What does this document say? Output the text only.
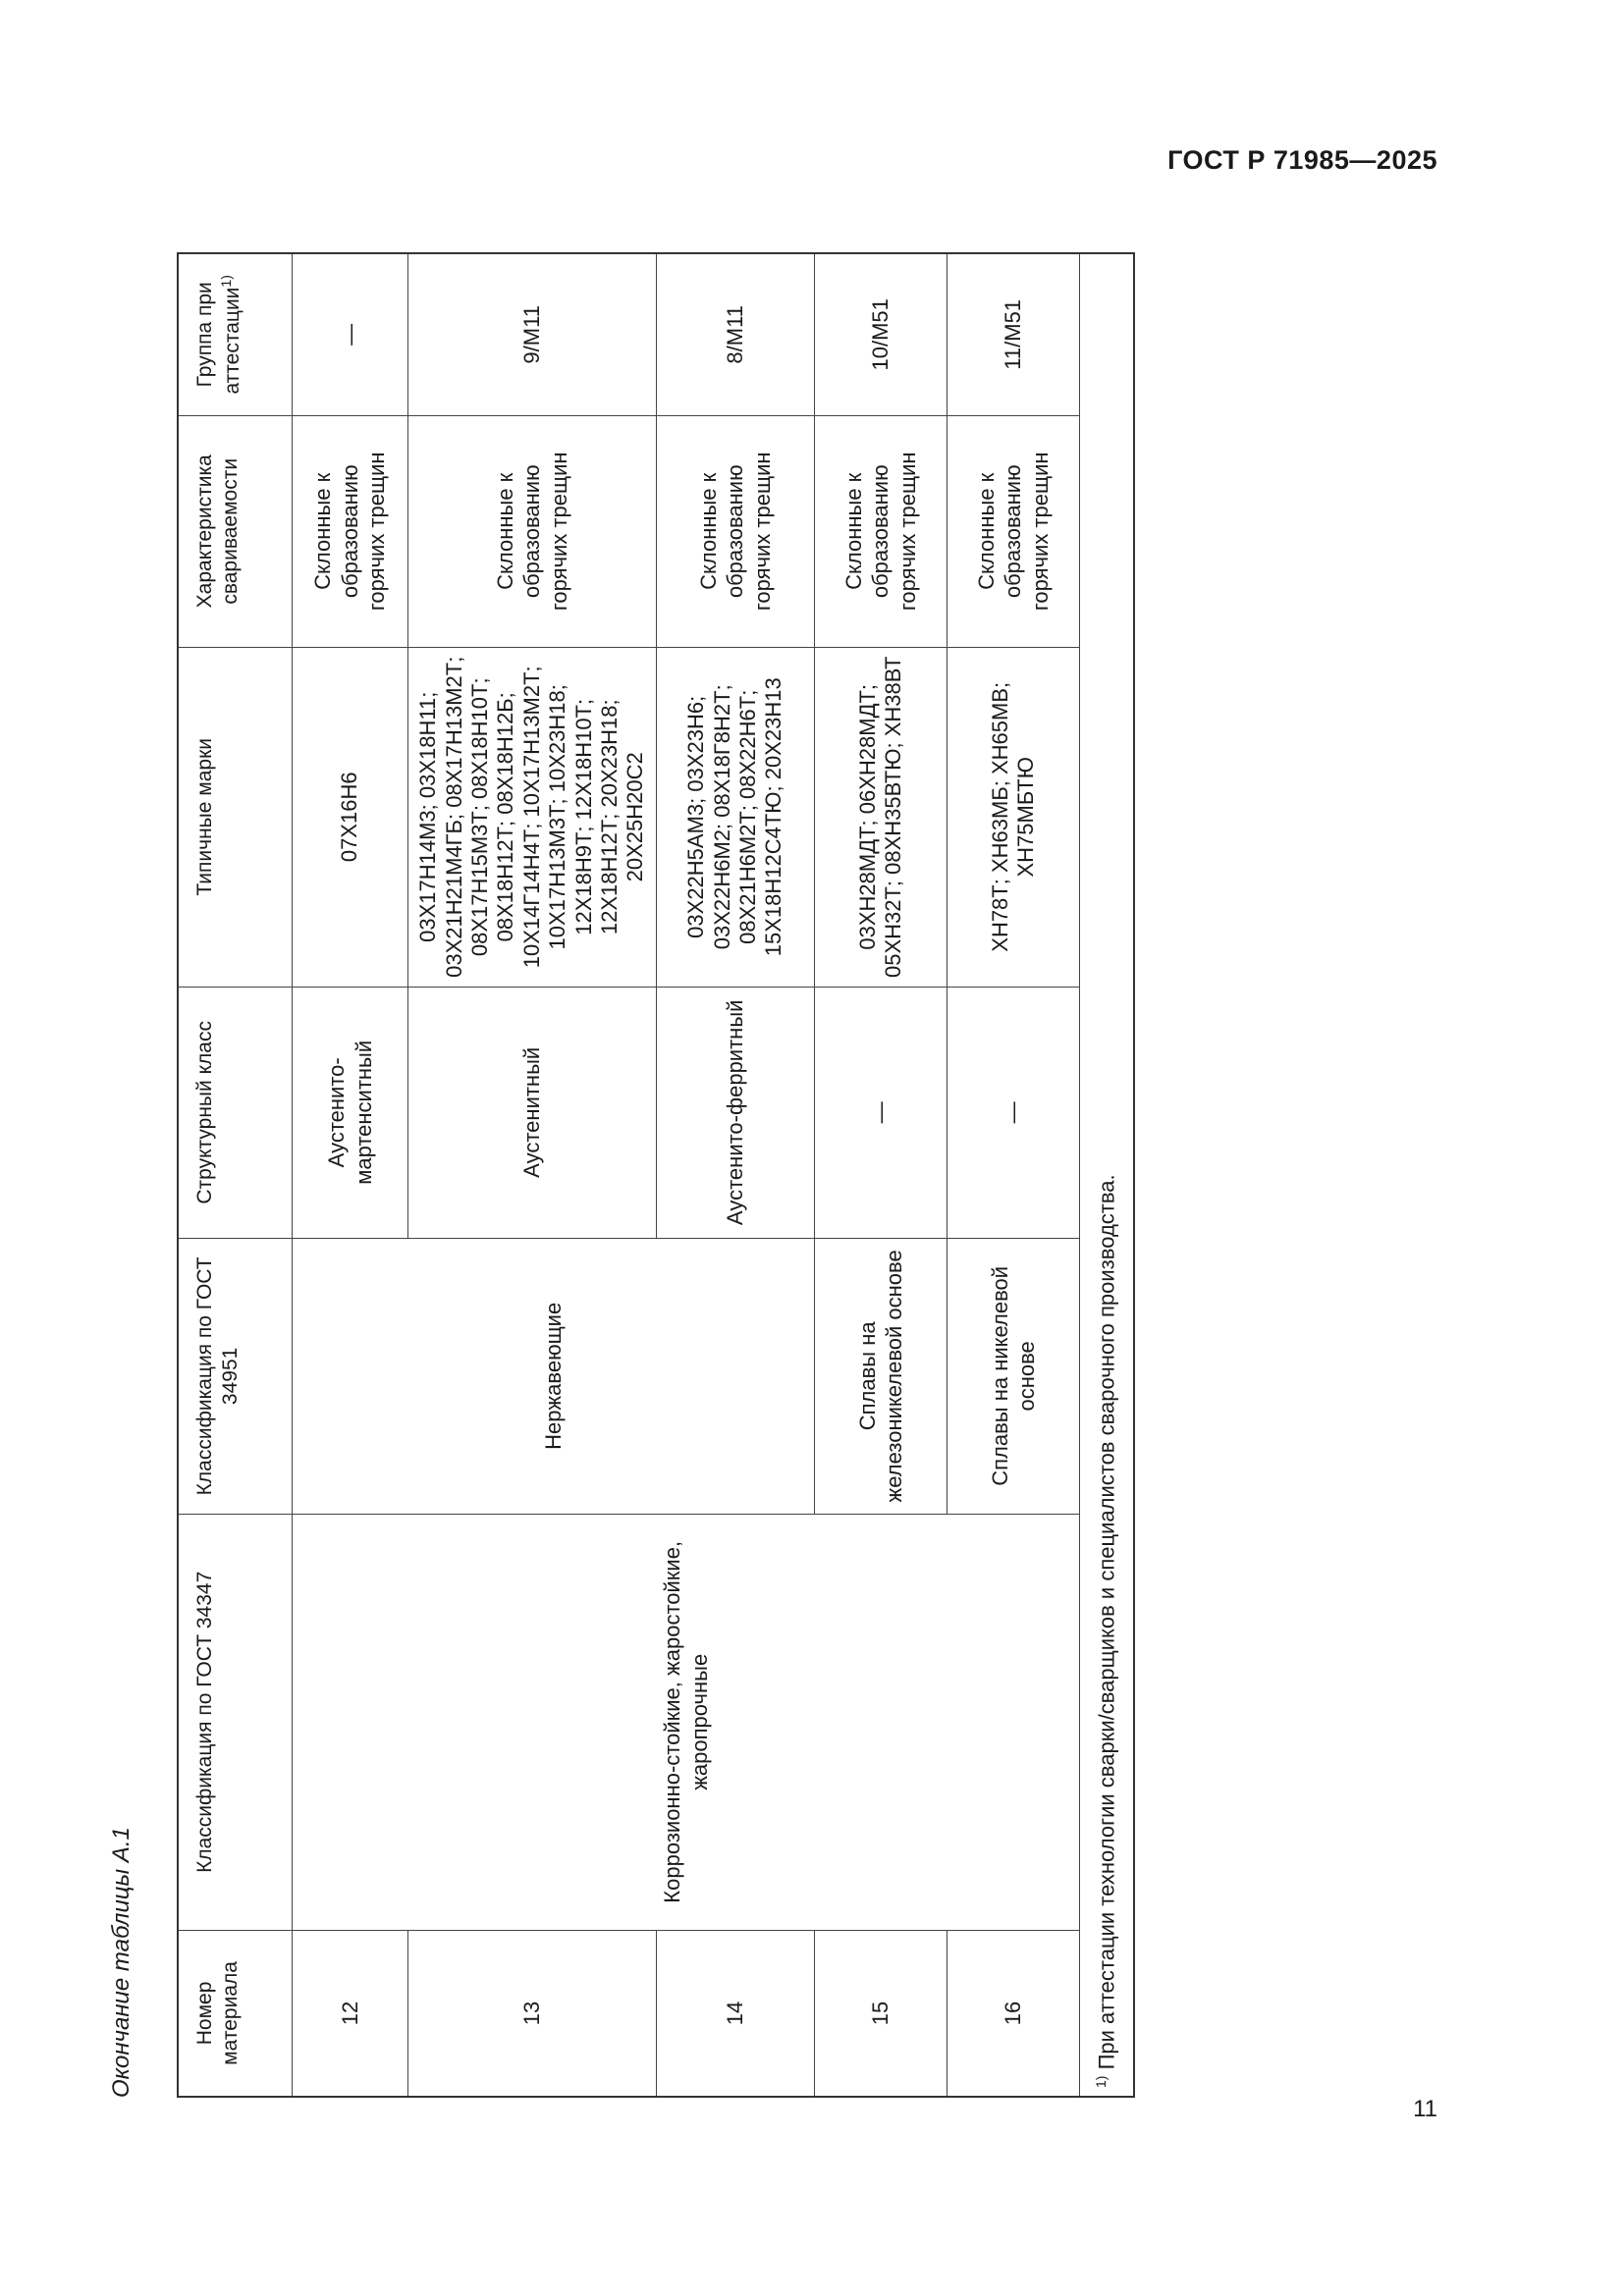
ГОСТ Р 71985—2025
Окончание таблицы А.1	Номер материала	Классификация по ГОСТ 34347	Классификация по ГОСТ 34951	Структурный класс	Типичные марки	Характеристика свариваемости	Группа при аттестации$^{1)}$
12	Коррозионно-стойкие, жаростойкие, жаропрочные	Нержавеющие	Аустенито-мартенситный	07Х16Н6	Склонные к образованию горячих трещин	—
13			Аустенитный	03Х17Н14М3; 03Х18Н11; 03Х21Н21М4ГБ; 08Х17Н13М2Т; 08Х17Н15М3Т; 08Х18Н10Т; 08Х18Н12Т; 08Х18Н12Б; 10Х14Г14Н4Т; 10Х17Н13М2Т; 10Х17Н13М3Т; 10Х23Н18; 12Х18Н9Т; 12Х18Н10Т; 12Х18Н12Т; 20Х23Н18; 20Х25Н20С2	Склонные к образованию горячих трещин	9/M11
14			Аустенито-ферритный	03Х22Н5АМ3; 03Х23Н6; 03Х22Н6М2; 08Х18Г8Н2Т; 08Х21Н6М2Т; 08Х22Н6Т; 15Х18Н12С4ТЮ; 20Х23Н13	Склонные к образованию горячих трещин	8/M11
15		Сплавы на железоникелевой основе	—	03ХН28МДТ; 06ХН28МДТ; 05ХН32Т; 08ХН35ВТЮ; ХН38ВТ	Склонные к образованию горячих трещин	10/M51
16		Сплавы на никелевой основе	—	ХН78Т; ХН63МБ; ХН65МВ; ХН75МБТЮ	Склонные к образованию горячих трещин	11/M51
$^{1)}$ При аттестации технологии сварки/сварщиков и специалистов сварочного производства.						
11
